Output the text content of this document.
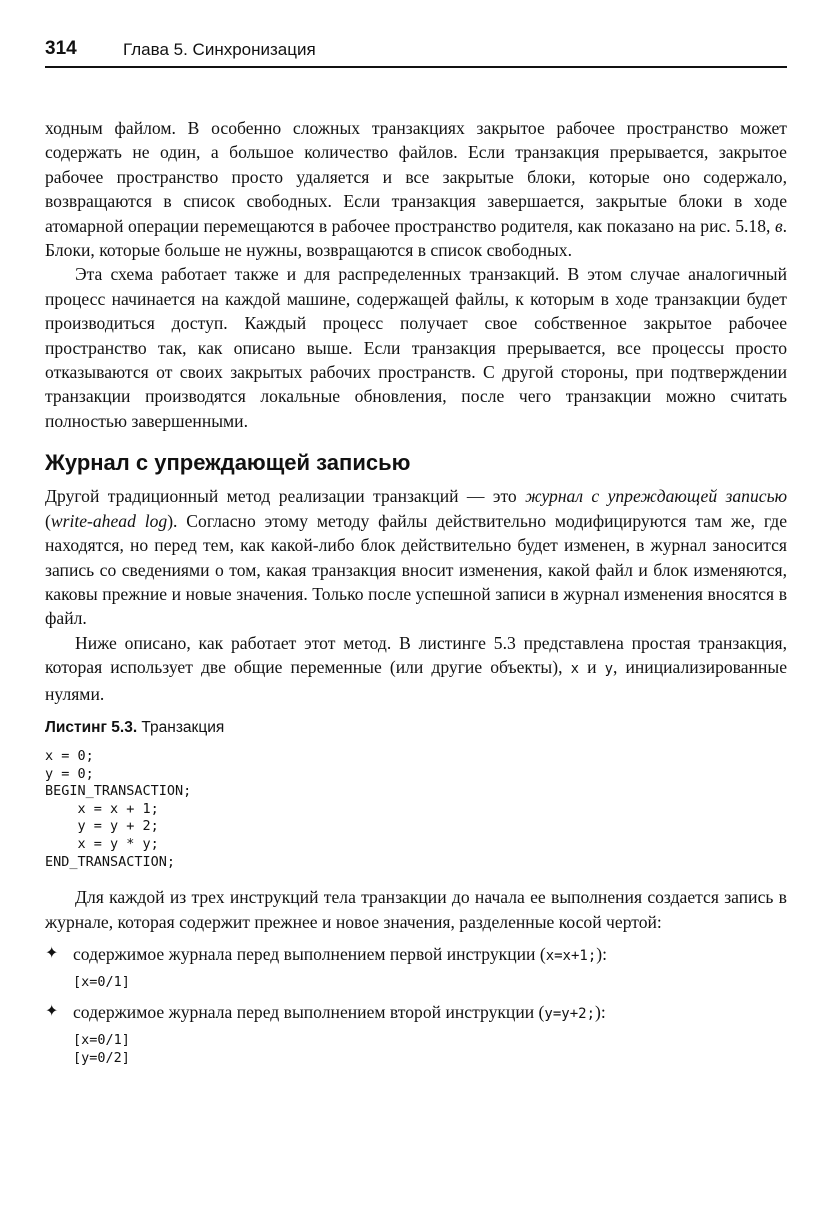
314	Глава 5. Синхронизация

ходным файлом. В особенно сложных транзакциях закрытое рабочее пространство может содержать не один, а большое количество файлов. Если транзакция прерывается, закрытое рабочее пространство просто удаляется и все закрытые блоки, которые оно содержало, возвращаются в список свободных. Если транзакция завершается, закрытые блоки в ходе атомарной операции перемещаются в рабочее пространство родителя, как показано на рис. 5.18, в. Блоки, которые больше не нужны, возвращаются в список свободных.

Эта схема работает также и для распределенных транзакций. В этом случае аналогичный процесс начинается на каждой машине, содержащей файлы, к которым в ходе транзакции будет производиться доступ. Каждый процесс получает свое собственное закрытое рабочее пространство так, как описано выше. Если транзакция прерывается, все процессы просто отказываются от своих закрытых рабочих пространств. С другой стороны, при подтверждении транзакции производятся локальные обновления, после чего транзакции можно считать полностью завершенными.

Журнал с упреждающей записью

Другой традиционный метод реализации транзакций — это журнал с упреждающей записью (write-ahead log). Согласно этому методу файлы действительно модифицируются там же, где находятся, но перед тем, как какой-либо блок действительно будет изменен, в журнал заносится запись со сведениями о том, какая транзакция вносит изменения, какой файл и блок изменяются, каковы прежние и новые значения. Только после успешной записи в журнал изменения вносятся в файл.

Ниже описано, как работает этот метод. В листинге 5.3 представлена простая транзакция, которая использует две общие переменные (или другие объекты), x и y, инициализированные нулями.

Листинг 5.3. Транзакция
x = 0;
y = 0;
BEGIN_TRANSACTION;
x = x + 1;
y = y + 2;
x = y * y;
END_TRANSACTION;

Для каждой из трех инструкций тела транзакции до начала ее выполнения создается запись в журнале, которая содержит прежнее и новое значения, разделенные косой чертой:

✦ содержимое журнала перед выполнением первой инструкции (x=x+1;):
[x=0/1]
✦ содержимое журнала перед выполнением второй инструкции (y=y+2;):
[x=0/1]
[y=0/2]
